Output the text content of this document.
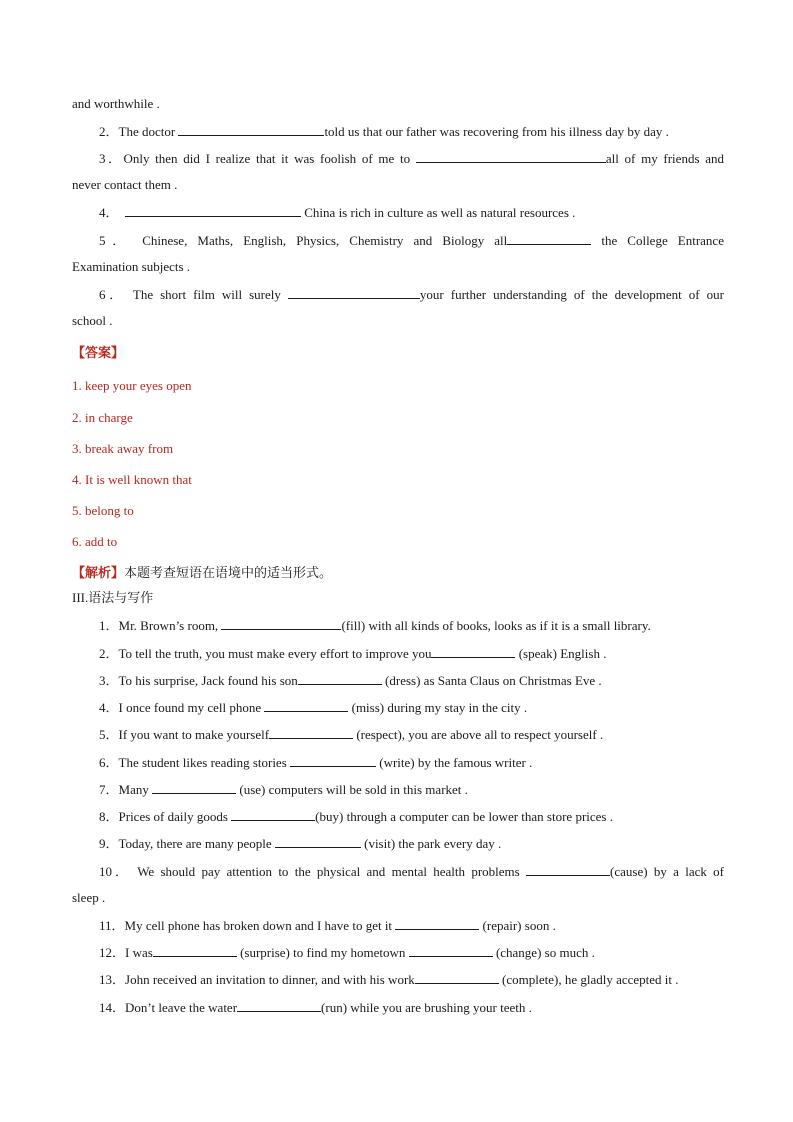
and worthwhile .
2．The doctor	told us that our father was recovering from his illness day by day .
3．Only then did I realize that it was foolish of me to	all of my friends and
never contact them .
4．	China is rich in culture as well as natural resources .
5． Chinese, Maths, English, Physics, Chemistry and Biology all	the College Entrance
Examination subjects .
6． The short film will surely	your further understanding of the development of our
school .
【答案】
1. keep your eyes open
2. in charge
3. break away from
4. It is well known that
5. belong to
6. add to
【解析】本题考查短语在语境中的适当形式。
III.语法与写作
1．Mr. Brown’s room,	(fill) with all kinds of books, looks as if it is a small library.
2．To tell the truth, you must make every effort to improve you	(speak) English .
3．To his surprise, Jack found his son	(dress) as Santa Claus on Christmas Eve .
4．I once found my cell phone	(miss) during my stay in the city .
5．If you want to make yourself	(respect), you are above all to respect yourself .
6．The student likes reading stories	(write) by the famous writer .
7．Many	(use) computers will be sold in this market .
8．Prices of daily goods	(buy) through a computer can be lower than store prices .
9．Today, there are many people	(visit) the park every day .
10． We should pay attention to the physical and mental health problems	(cause) by a lack of
sleep .
11．My cell phone has broken down and I have to get it	(repair) soon .
12．I was	(surprise) to find my hometown	(change) so much .
13．John received an invitation to dinner, and with his work	(complete), he gladly accepted it .
14．Don’t leave the water	(run) while you are brushing your teeth .
